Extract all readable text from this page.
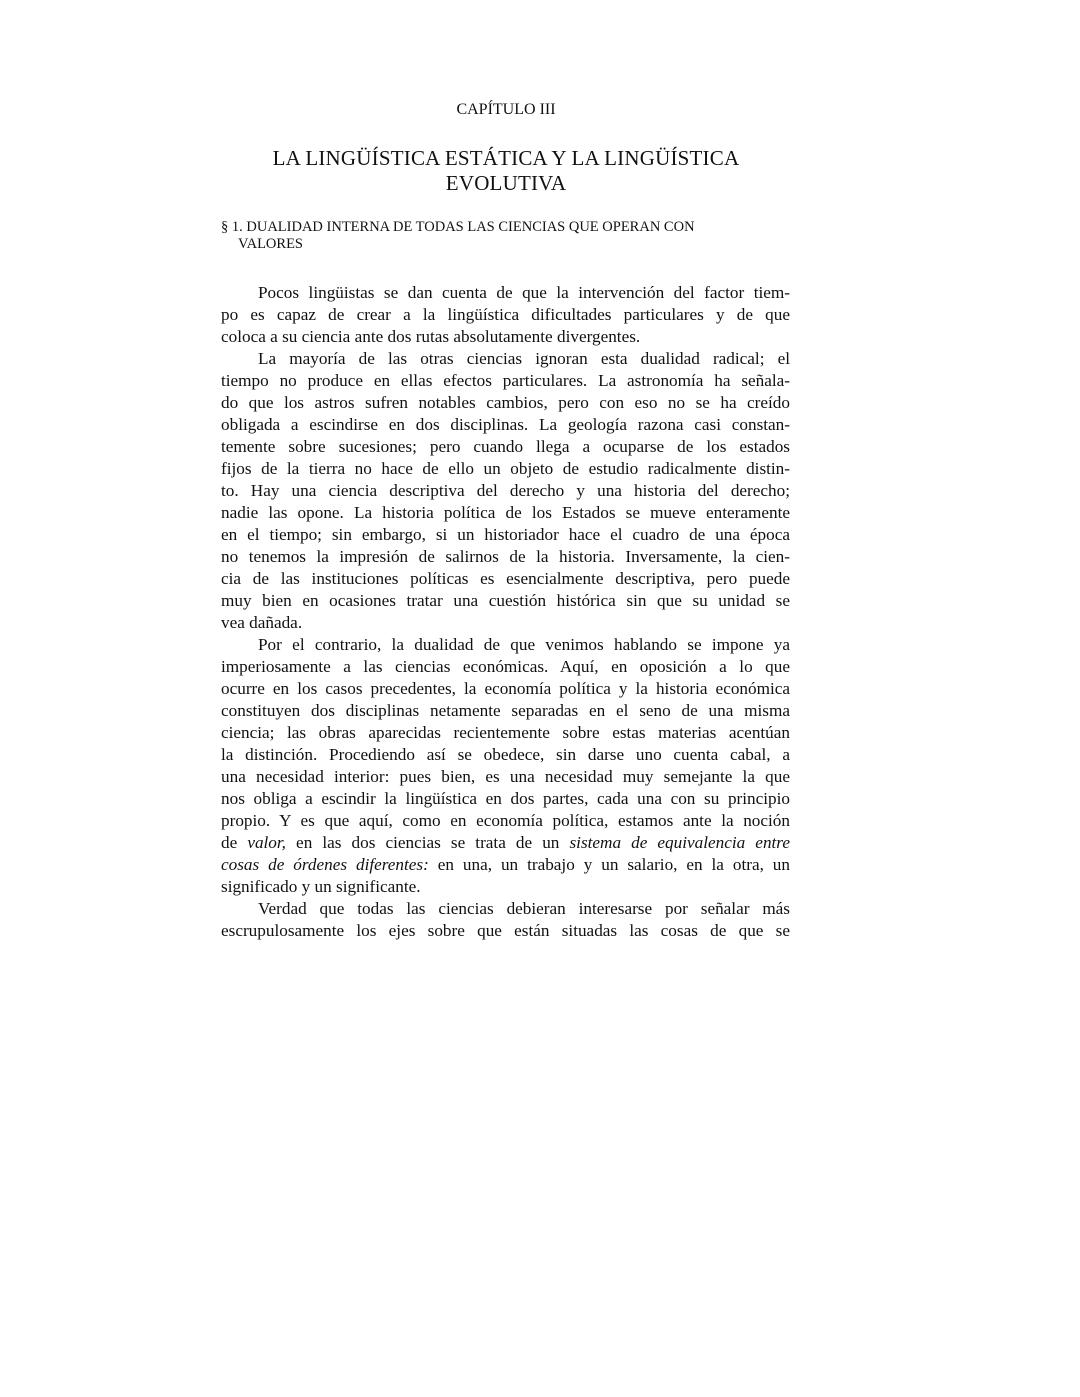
CAPÍTULO III
LA LINGÜÍSTICA ESTÁTICA Y LA LINGÜÍSTICA
EVOLUTIVA
§ 1. DUALIDAD INTERNA DE TODAS LAS CIENCIAS QUE OPERAN CON
VALORES
Pocos lingüistas se dan cuenta de que la intervención del factor tiem-
po es capaz de crear a la lingüística dificultades particulares y de que
coloca a su ciencia ante dos rutas absolutamente divergentes.
La mayoría de las otras ciencias ignoran esta dualidad radical; el
tiempo no produce en ellas efectos particulares. La astronomía ha señala-
do que los astros sufren notables cambios, pero con eso no se ha creído
obligada a escindirse en dos disciplinas. La geología razona casi constan-
temente sobre sucesiones; pero cuando llega a ocuparse de los estados
fijos de la tierra no hace de ello un objeto de estudio radicalmente distin-
to. Hay una ciencia descriptiva del derecho y una historia del derecho;
nadie las opone. La historia política de los Estados se mueve enteramente
en el tiempo; sin embargo, si un historiador hace el cuadro de una época
no tenemos la impresión de salirnos de la historia. Inversamente, la cien-
cia de las instituciones políticas es esencialmente descriptiva, pero puede
muy bien en ocasiones tratar una cuestión histórica sin que su unidad se
vea dañada.
Por el contrario, la dualidad de que venimos hablando se impone ya
imperiosamente a las ciencias económicas. Aquí, en oposición a lo que
ocurre en los casos precedentes, la economía política y la historia económica
constituyen dos disciplinas netamente separadas en el seno de una misma
ciencia; las obras aparecidas recientemente sobre estas materias acentúan
la distinción. Procediendo así se obedece, sin darse uno cuenta cabal, a
una necesidad interior: pues bien, es una necesidad muy semejante la que
nos obliga a escindir la lingüística en dos partes, cada una con su principio
propio. Y es que aquí, como en economía política, estamos ante la noción
de valor, en las dos ciencias se trata de un sistema de equivalencia entre
cosas de órdenes diferentes: en una, un trabajo y un salario, en la otra, un
significado y un significante.
Verdad que todas las ciencias debieran interesarse por señalar más
escrupulosamente los ejes sobre que están situadas las cosas de que se
